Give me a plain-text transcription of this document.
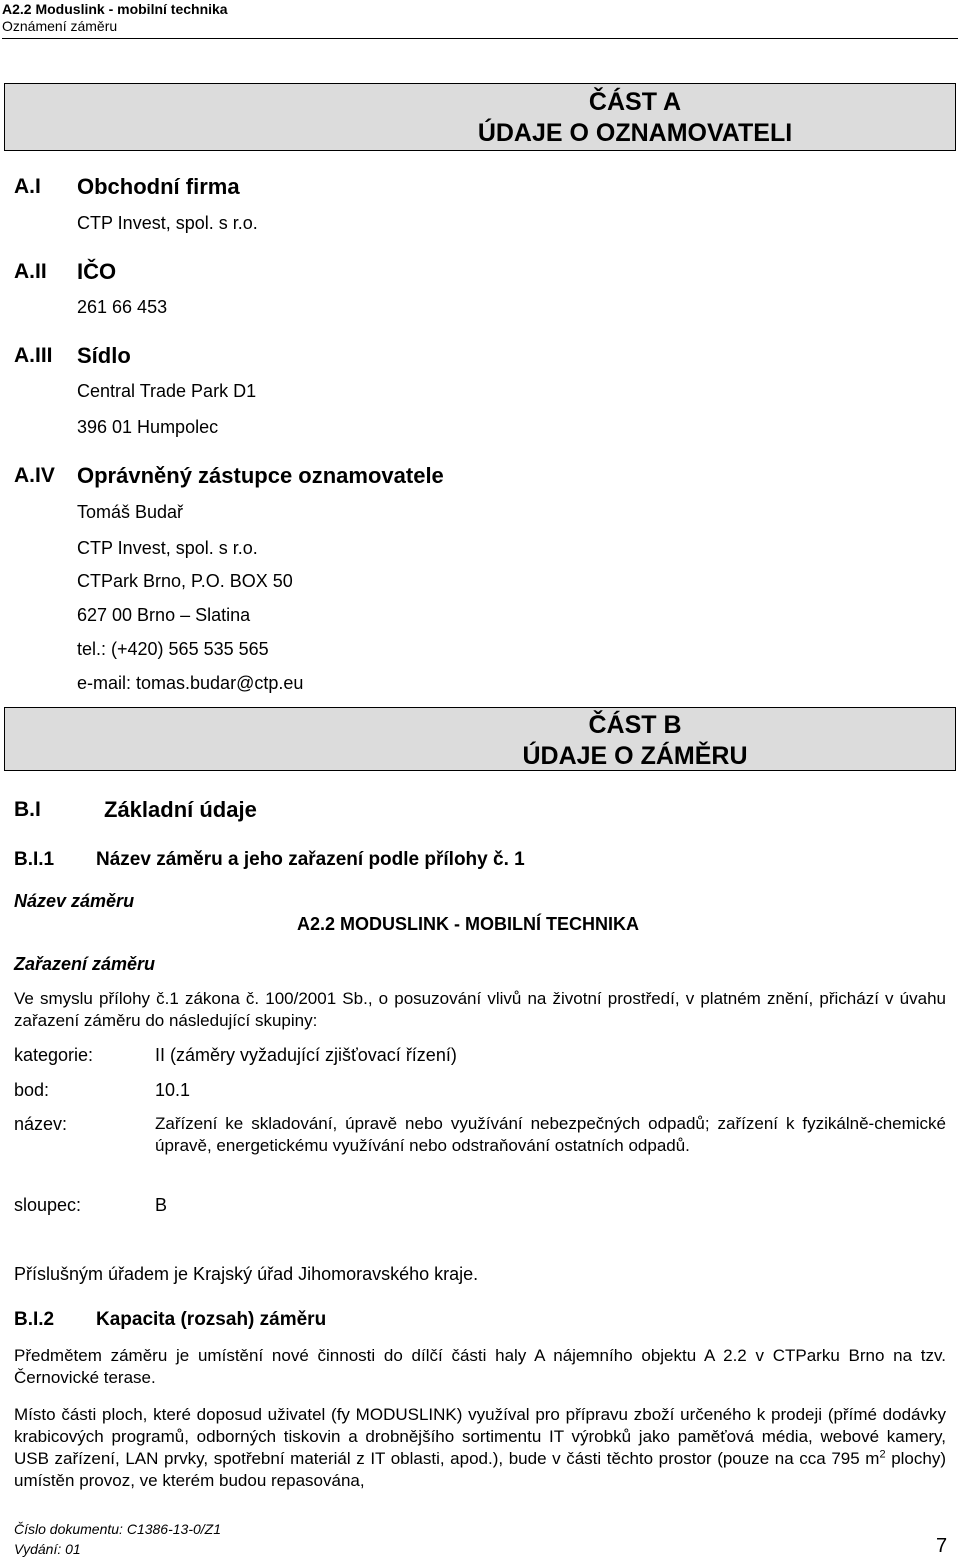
A2.2 Moduslink - mobilní technika
Oznámení záměru
ČÁST A
ÚDAJE O OZNAMOVATELI
A.I Obchodní firma
CTP Invest, spol. s r.o.
A.II IČO
261 66 453
A.III Sídlo
Central Trade Park D1
396 01 Humpolec
A.IV Oprávněný zástupce oznamovatele
Tomáš Budař
CTP Invest, spol. s r.o.
CTPark Brno, P.O. BOX 50
627 00 Brno – Slatina
tel.: (+420) 565 535 565
e-mail: tomas.budar@ctp.eu
ČÁST B
ÚDAJE O ZÁMĚRU
B.I	Základní údaje
B.I.1 Název záměru a jeho zařazení podle přílohy č. 1
Název záměru
A2.2 MODUSLINK - MOBILNÍ TECHNIKA
Zařazení záměru
Ve smyslu přílohy č.1 zákona č. 100/2001 Sb., o posuzování vlivů na životní prostředí, v platném znění, přichází v úvahu zařazení záměru do následující skupiny:
kategorie:	II (záměry vyžadující zjišťovací řízení)
bod:	10.1
název:	Zařízení ke skladování, úpravě nebo využívání nebezpečných odpadů; zařízení k fyzikálně-chemické úpravě, energetickému využívání nebo odstraňování ostatních odpadů.
sloupec:	B
Příslušným úřadem je Krajský úřad Jihomoravského kraje.
B.I.2 Kapacita (rozsah) záměru
Předmětem záměru je umístění nové činnosti do dílčí části haly A nájemního objektu A 2.2 v CTParku Brno na tzv. Černovické terase.
Místo části ploch, které doposud uživatel (fy MODUSLINK) využíval pro přípravu zboží určeného k prodeji (přímé dodávky krabicových programů, odborných tiskovin a drobnějšího sortimentu IT výrobků jako paměťová média, webové kamery, USB zařízení, LAN prvky, spotřební materiál z IT oblasti, apod.), bude v části těchto prostor (pouze na cca 795 $m^2$ plochy) umístěn provoz, ve kterém budou repasována,
Číslo dokumentu: C1386-13-0/Z1
Vydání: 01	7
